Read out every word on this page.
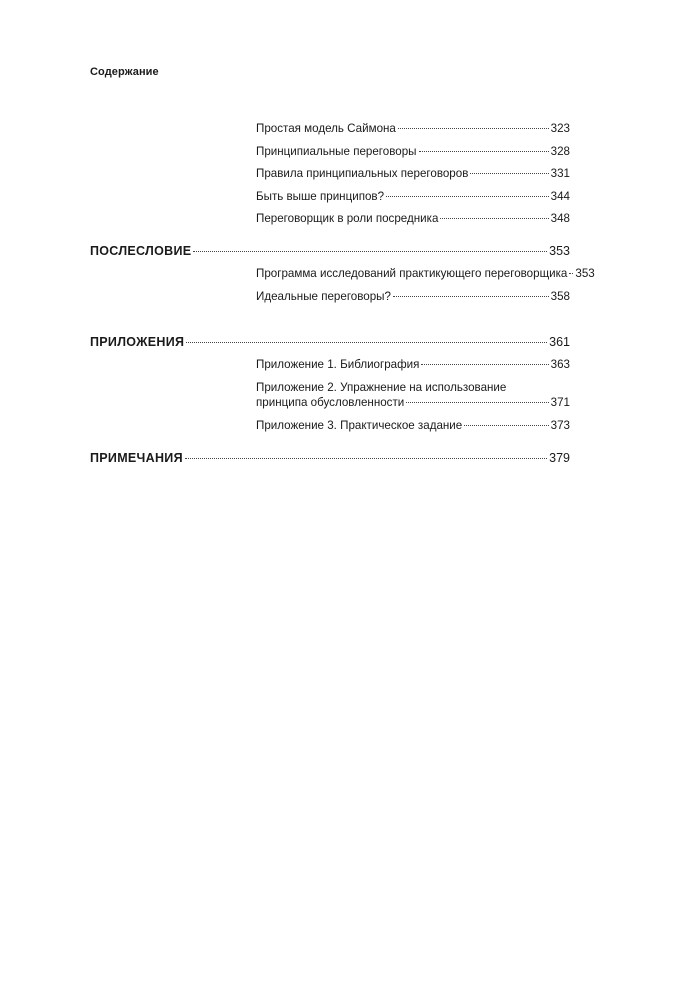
Содержание
Простая модель Саймона	323
Принципиальные переговоры	328
Правила принципиальных переговоров	331
Быть выше принципов?	344
Переговорщик в роли посредника	348
ПОСЛЕСЛОВИЕ	353
Программа исследований практикующего переговорщика 353
Идеальные переговоры?	358
ПРИЛОЖЕНИЯ	361
Приложение 1. Библиография	363
Приложение 2. Упражнение на использование
принципа обусловленности	371
Приложение 3. Практическое задание	373
ПРИМЕЧАНИЯ	379
